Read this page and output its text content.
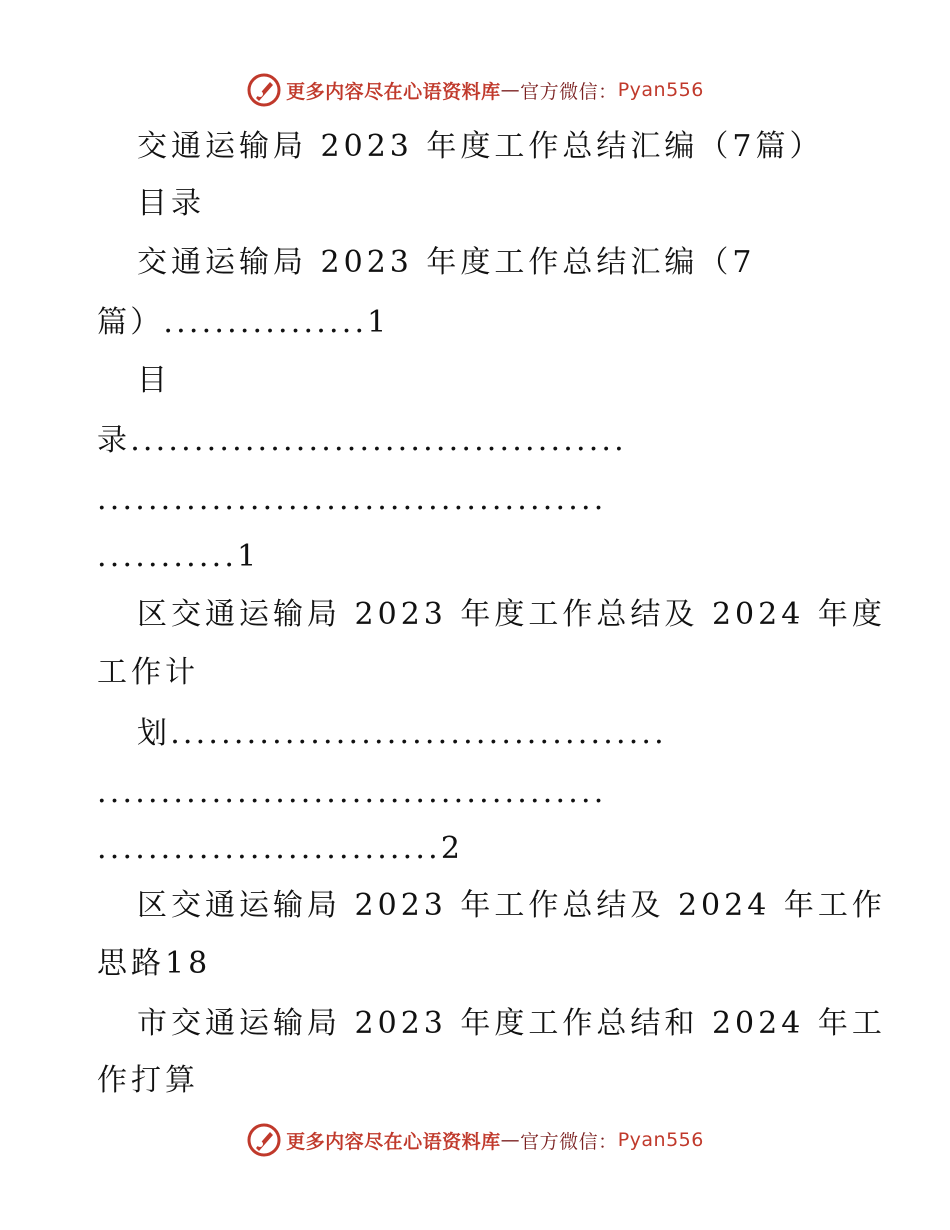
更多内容尽在心语资料库 — 官方微信： Pyan556
交通运输局 2023 年度工作总结汇编（7篇）
目录
交通运输局 2023 年度工作总结汇编（7
篇）................1
目
录.......................................
........................................
...........1
区交通运输局 2023 年度工作总结及 2024 年度
工作计
划.......................................
........................................
...........................2
区交通运输局 2023 年工作总结及 2024 年工作
思路18
市交通运输局 2023 年度工作总结和 2024 年工
作打算
更多内容尽在心语资料库 — 官方微信： Pyan556
